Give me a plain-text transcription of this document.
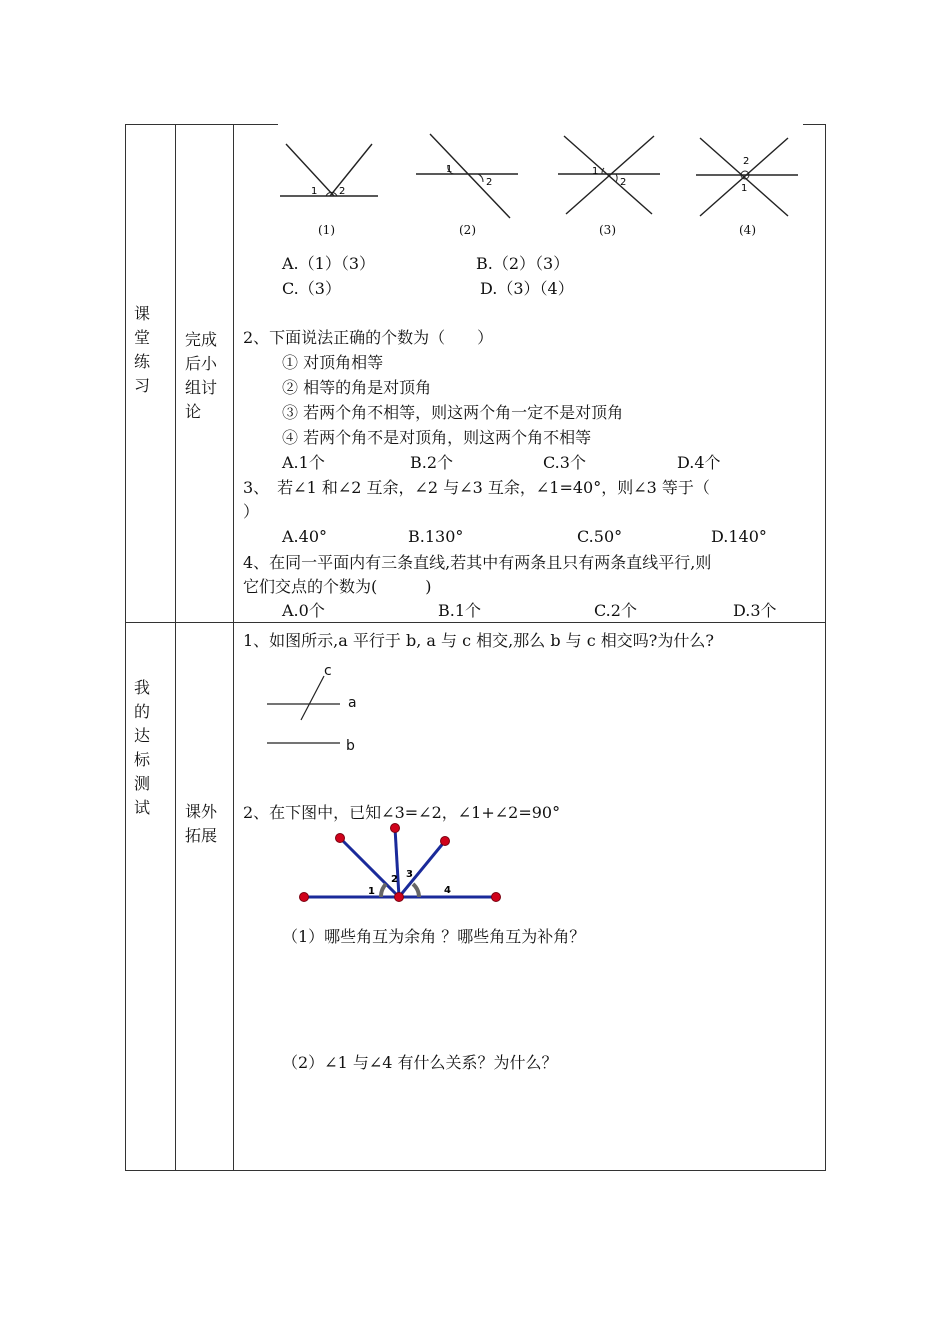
课堂练习
完成后小组讨论
1 2
1
2
1
2
2
1
(1)	(2)	(3)	(4)
A.（1）（3）	B.（2）（3）
C.（3）	D.（3）（4）
2、下面说法正确的个数为（　　）
① 对顶角相等
② 相等的角是对顶角
③ 若两个角不相等，则这两个角一定不是对顶角
④ 若两个角不是对顶角，则这两个角不相等
A.1个	B.2个	C.3个	D.4个
3、　若∠1 和∠2 互余，∠2 与∠3 互余，∠1=40°，则∠3 等于（
）
A.40°	B.130°	C.50°	D.140°
4、在同一平面内有三条直线,若其中有两条且只有两条直线平行,则
它们交点的个数为(　　　)
A.0个	B.1个	C.2个	D.3个
我的达标测试 课外拓展
1、如图所示,a 平行于 b, a 与 c 相交,那么 b 与 c 相交吗?为什么?
c
a
b
2、在下图中，已知∠3=∠2，∠1+∠2=90°
1
2 3
4
（1）哪些角互为余角 ？哪些角互为补角？
（2）∠1 与∠4 有什么关系？为什么？
